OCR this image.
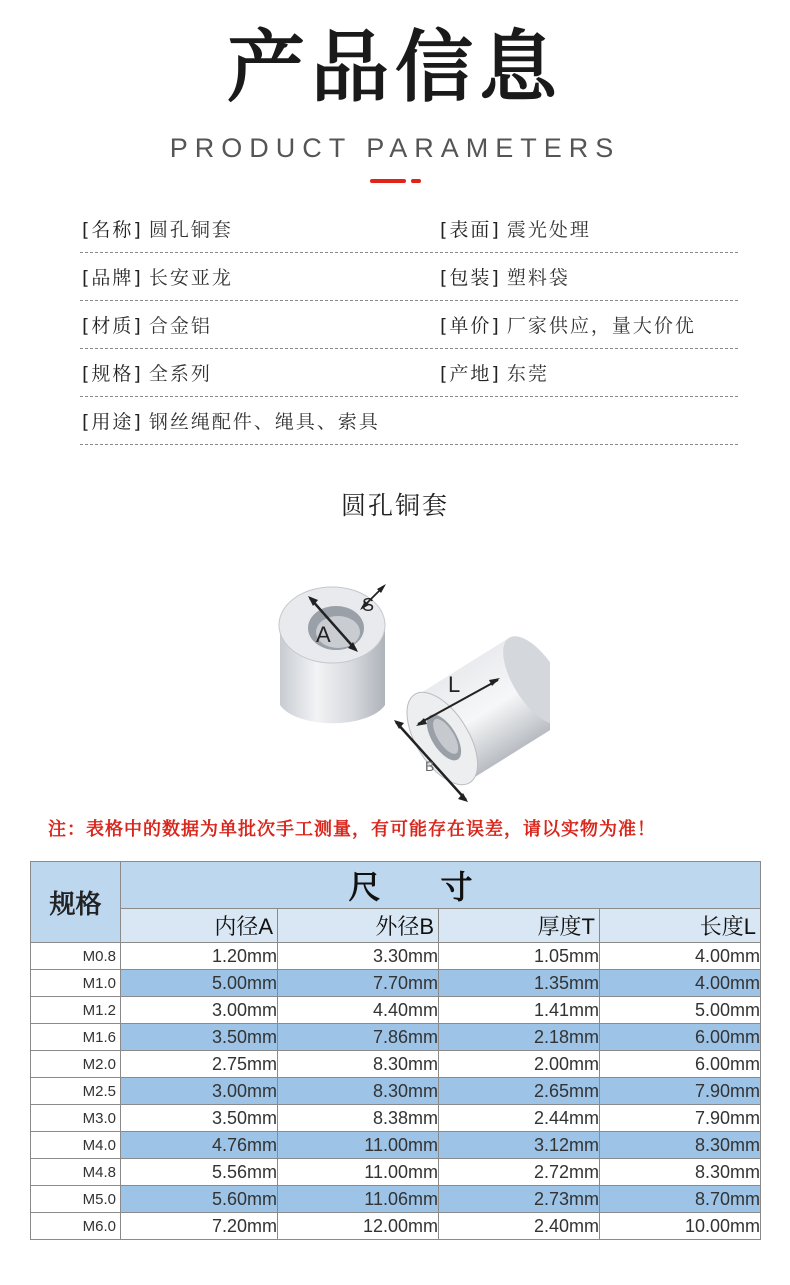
产品信息
PRODUCT PARAMETERS
[名称] 圆孔铜套	[表面] 震光处理
[品牌] 长安亚龙	[包装] 塑料袋
[材质] 合金铝	[单价] 厂家供应，量大价优
[规格] 全系列	[产地] 东莞
[用途] 钢丝绳配件、绳具、索具
圆孔铜套
A
S
L
B
注：表格中的数据为单批次手工测量，有可能存在误差，请以实物为准！
规格	尺寸			
	内径A	外径B	厚度T	长度L
M0.8	1.20mm	3.30mm	1.05mm	4.00mm
M1.0	5.00mm	7.70mm	1.35mm	4.00mm
M1.2	3.00mm	4.40mm	1.41mm	5.00mm
M1.6	3.50mm	7.86mm	2.18mm	6.00mm
M2.0	2.75mm	8.30mm	2.00mm	6.00mm
M2.5	3.00mm	8.30mm	2.65mm	7.90mm
M3.0	3.50mm	8.38mm	2.44mm	7.90mm
M4.0	4.76mm	11.00mm	3.12mm	8.30mm
M4.8	5.56mm	11.00mm	2.72mm	8.30mm
M5.0	5.60mm	11.06mm	2.73mm	8.70mm
M6.0	7.20mm	12.00mm	2.40mm	10.00mm
